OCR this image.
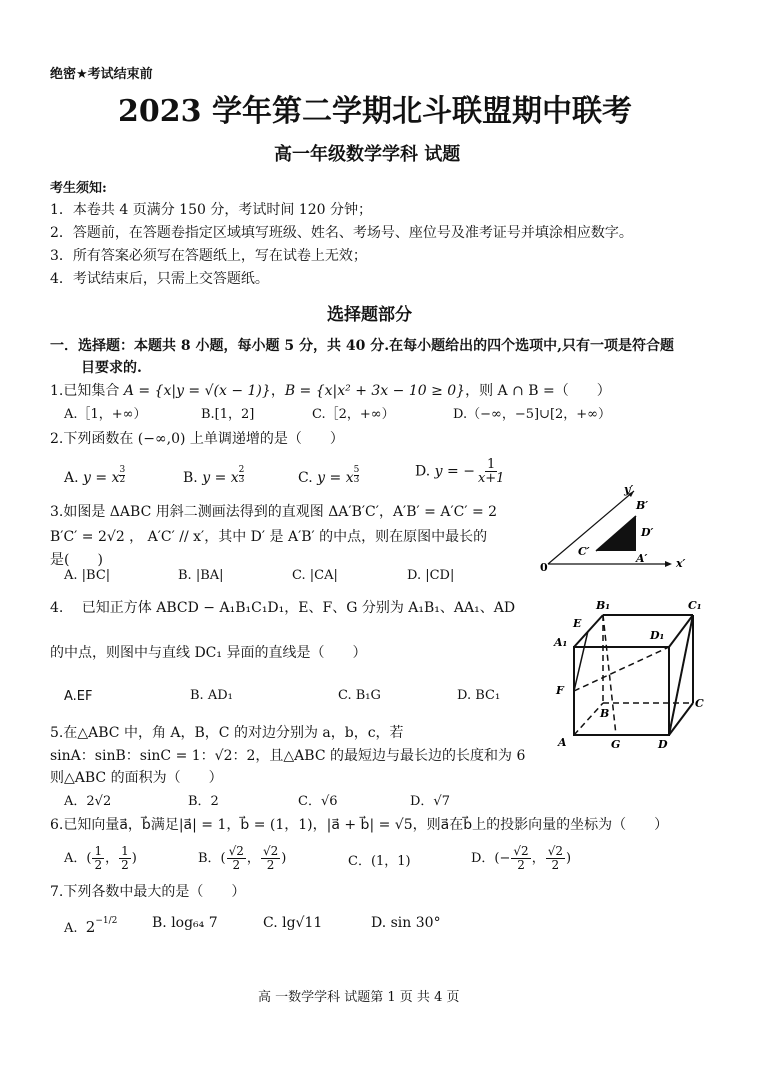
绝密★考试结束前
2023 学年第二学期北斗联盟期中联考
高一年级数学学科 试题
考生须知:
1．本卷共 4 页满分 150 分，考试时间 120 分钟；
2．答题前，在答题卷指定区域填写班级、姓名、考场号、座位号及准考证号并填涂相应数字。
3．所有答案必须写在答题纸上，写在试卷上无效；
4．考试结束后，只需上交答题纸。
选择题部分
一．选择题：本题共 8 小题，每小题 5 分，共 40 分.在每小题给出的四个选项中,只有一项是符合题
目要求的.
1.已知集合 A = {x|y = √(x − 1)}，B = {x|x² + 3x − 10 ≥ 0}，则 A ∩ B =（　　）
A.［1，+∞）	B.[1，2]	C.［2，+∞）	D.（−∞，−5]∪[2，+∞）
2.下列函数在 (−∞,0) 上单调递增的是（　　）
A. y = x $\frac{3}{2}$	B. y = x $\frac{2}{3}$	C. y = x $\frac{5}{3}$	D. y = − $\frac{1}{x+1}$
3.如图是 ΔABC 用斜二测画法得到的直观图 ΔA′B′C′，A′B′ = A′C′ = 2
B′C′ = 2√2 ， A′C′ // x′，其中 D′ 是 A′B′ 的中点，则在原图中最长的
是(　　)
A. |BC|	B. |BA|	C. |CA|	D. |CD|
y′
x′
0
B′
D′
C′
A′
4.　 已知正方体 ABCD − A₁B₁C₁D₁，E、F、G 分别为 A₁B₁、AA₁、AD
的中点，则图中与直线 DC₁ 异面的直线是（　　）
A.EF	B. AD₁	C. B₁G	D. BC₁
B₁	C₁
E
A₁
D₁
F
B
C
A	G	D
5.在△ABC 中，角 A，B，C 的对边分别为 a，b，c，若
sinA：sinB：sinC = 1：√2：2，且△ABC 的最短边与最长边的长度和为 6
则△ABC 的面积为（　　）
A．2√2	B．2	C．√6	D．√7
6.已知向量a⃗，b⃗满足|a⃗| = 1，b⃗ = (1，1)，|a⃗ + b⃗| = √5，则a⃗在b⃗上的投影向量的坐标为（　　）
A．( $\frac{1}{2}$ ， $\frac{1}{2}$ )	B．( $\frac{√2}{2}$ ， $\frac{√2}{2}$ )	C．(1，1)	D．(− $\frac{√2}{2}$ ， $\frac{√2}{2}$ )
7.下列各数中最大的是（　　）
A. $2^{-1/2}$ B. log₆₄ 7	C. lg√11	D. sin 30°
高 一数学学科 试题第 1 页 共 4 页
